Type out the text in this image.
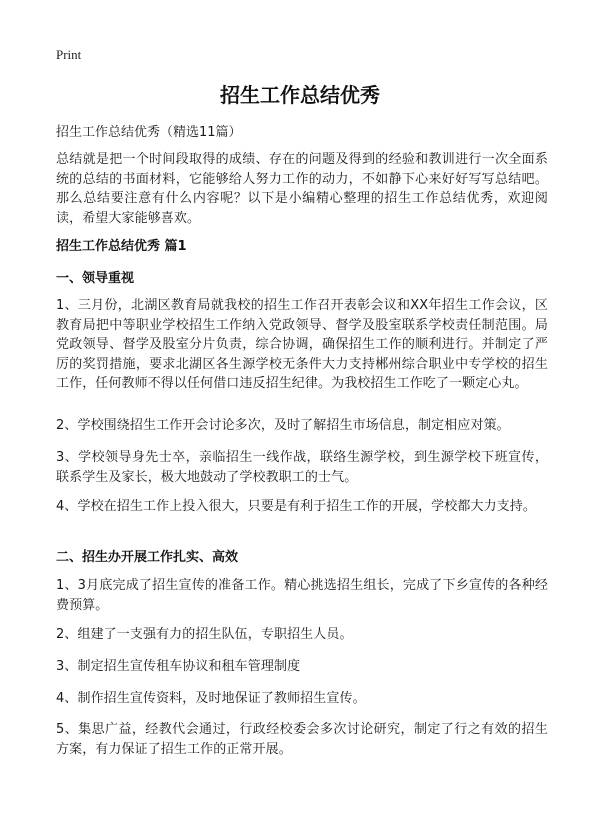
Print
招生工作总结优秀
招生工作总结优秀（精选11篇）
总结就是把一个时间段取得的成绩、存在的问题及得到的经验和教训进行一次全面系统的总结的书面材料，它能够给人努力工作的动力，不如静下心来好好写写总结吧。那么总结要注意有什么内容呢？以下是小编精心整理的招生工作总结优秀，欢迎阅读，希望大家能够喜欢。
招生工作总结优秀 篇1
一、领导重视
1、三月份，北湖区教育局就我校的招生工作召开表彰会议和XX年招生工作会议，区教育局把中等职业学校招生工作纳入党政领导、督学及股室联系学校责任制范围。局党政领导、督学及股室分片负责，综合协调，确保招生工作的顺利进行。并制定了严厉的奖罚措施，要求北湖区各生源学校无条件大力支持郴州综合职业中专学校的招生工作，任何教师不得以任何借口违反招生纪律。为我校招生工作吃了一颗定心丸。
2、学校围绕招生工作开会讨论多次，及时了解招生市场信息，制定相应对策。
3、学校领导身先士卒，亲临招生一线作战，联络生源学校，到生源学校下班宣传，联系学生及家长，极大地鼓动了学校教职工的士气。
4、学校在招生工作上投入很大，只要是有利于招生工作的开展，学校都大力支持。
二、招生办开展工作扎实、高效
1、3月底完成了招生宣传的准备工作。精心挑选招生组长，完成了下乡宣传的各种经费预算。
2、组建了一支强有力的招生队伍，专职招生人员。
3、制定招生宣传租车协议和租车管理制度
4、制作招生宣传资料，及时地保证了教师招生宣传。
5、集思广益，经教代会通过，行政经校委会多次讨论研究，制定了行之有效的招生方案，有力保证了招生工作的正常开展。
